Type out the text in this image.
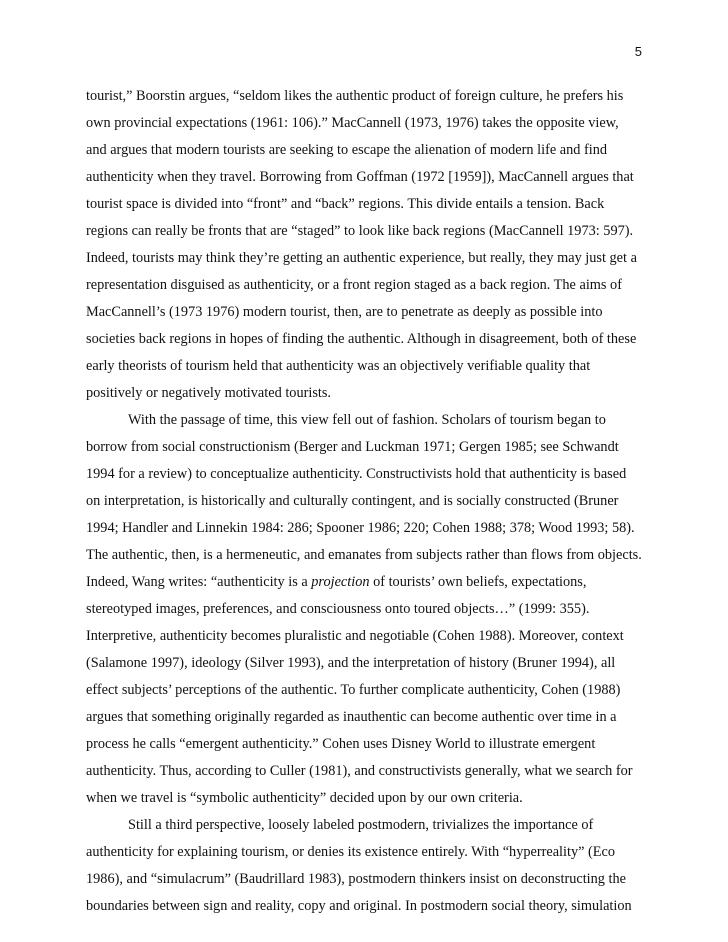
5
tourist,” Boorstin argues, “seldom likes the authentic product of foreign culture, he prefers his
own provincial expectations (1961: 106).” MacCannell (1973, 1976) takes the opposite view,
and argues that modern tourists are seeking to escape the alienation of modern life and find
authenticity when they travel. Borrowing from Goffman (1972 [1959]), MacCannell argues that
tourist space is divided into “front” and “back” regions. This divide entails a tension. Back
regions can really be fronts that are “staged” to look like back regions (MacCannell 1973: 597).
Indeed, tourists may think they’re getting an authentic experience, but really, they may just get a
representation disguised as authenticity, or a front region staged as a back region. The aims of
MacCannell’s (1973 1976) modern tourist, then, are to penetrate as deeply as possible into
societies back regions in hopes of finding the authentic. Although in disagreement, both of these
early theorists of tourism held that authenticity was an objectively verifiable quality that
positively or negatively motivated tourists.
With the passage of time, this view fell out of fashion. Scholars of tourism began to
borrow from social constructionism (Berger and Luckman 1971; Gergen 1985; see Schwandt
1994 for a review) to conceptualize authenticity. Constructivists hold that authenticity is based
on interpretation, is historically and culturally contingent, and is socially constructed (Bruner
1994; Handler and Linnekin 1984: 286; Spooner 1986; 220; Cohen 1988; 378; Wood 1993; 58).
The authentic, then, is a hermeneutic, and emanates from subjects rather than flows from objects.
Indeed, Wang writes: “authenticity is a projection of tourists’ own beliefs, expectations,
stereotyped images, preferences, and consciousness onto toured objects…” (1999: 355).
Interpretive, authenticity becomes pluralistic and negotiable (Cohen 1988). Moreover, context
(Salamone 1997), ideology (Silver 1993), and the interpretation of history (Bruner 1994), all
effect subjects’ perceptions of the authentic. To further complicate authenticity, Cohen (1988)
argues that something originally regarded as inauthentic can become authentic over time in a
process he calls “emergent authenticity.” Cohen uses Disney World to illustrate emergent
authenticity. Thus, according to Culler (1981), and constructivists generally, what we search for
when we travel is “symbolic authenticity” decided upon by our own criteria.
Still a third perspective, loosely labeled postmodern, trivializes the importance of
authenticity for explaining tourism, or denies its existence entirely. With “hyperreality” (Eco
1986), and “simulacrum” (Baudrillard 1983), postmodern thinkers insist on deconstructing the
boundaries between sign and reality, copy and original. In postmodern social theory, simulation
